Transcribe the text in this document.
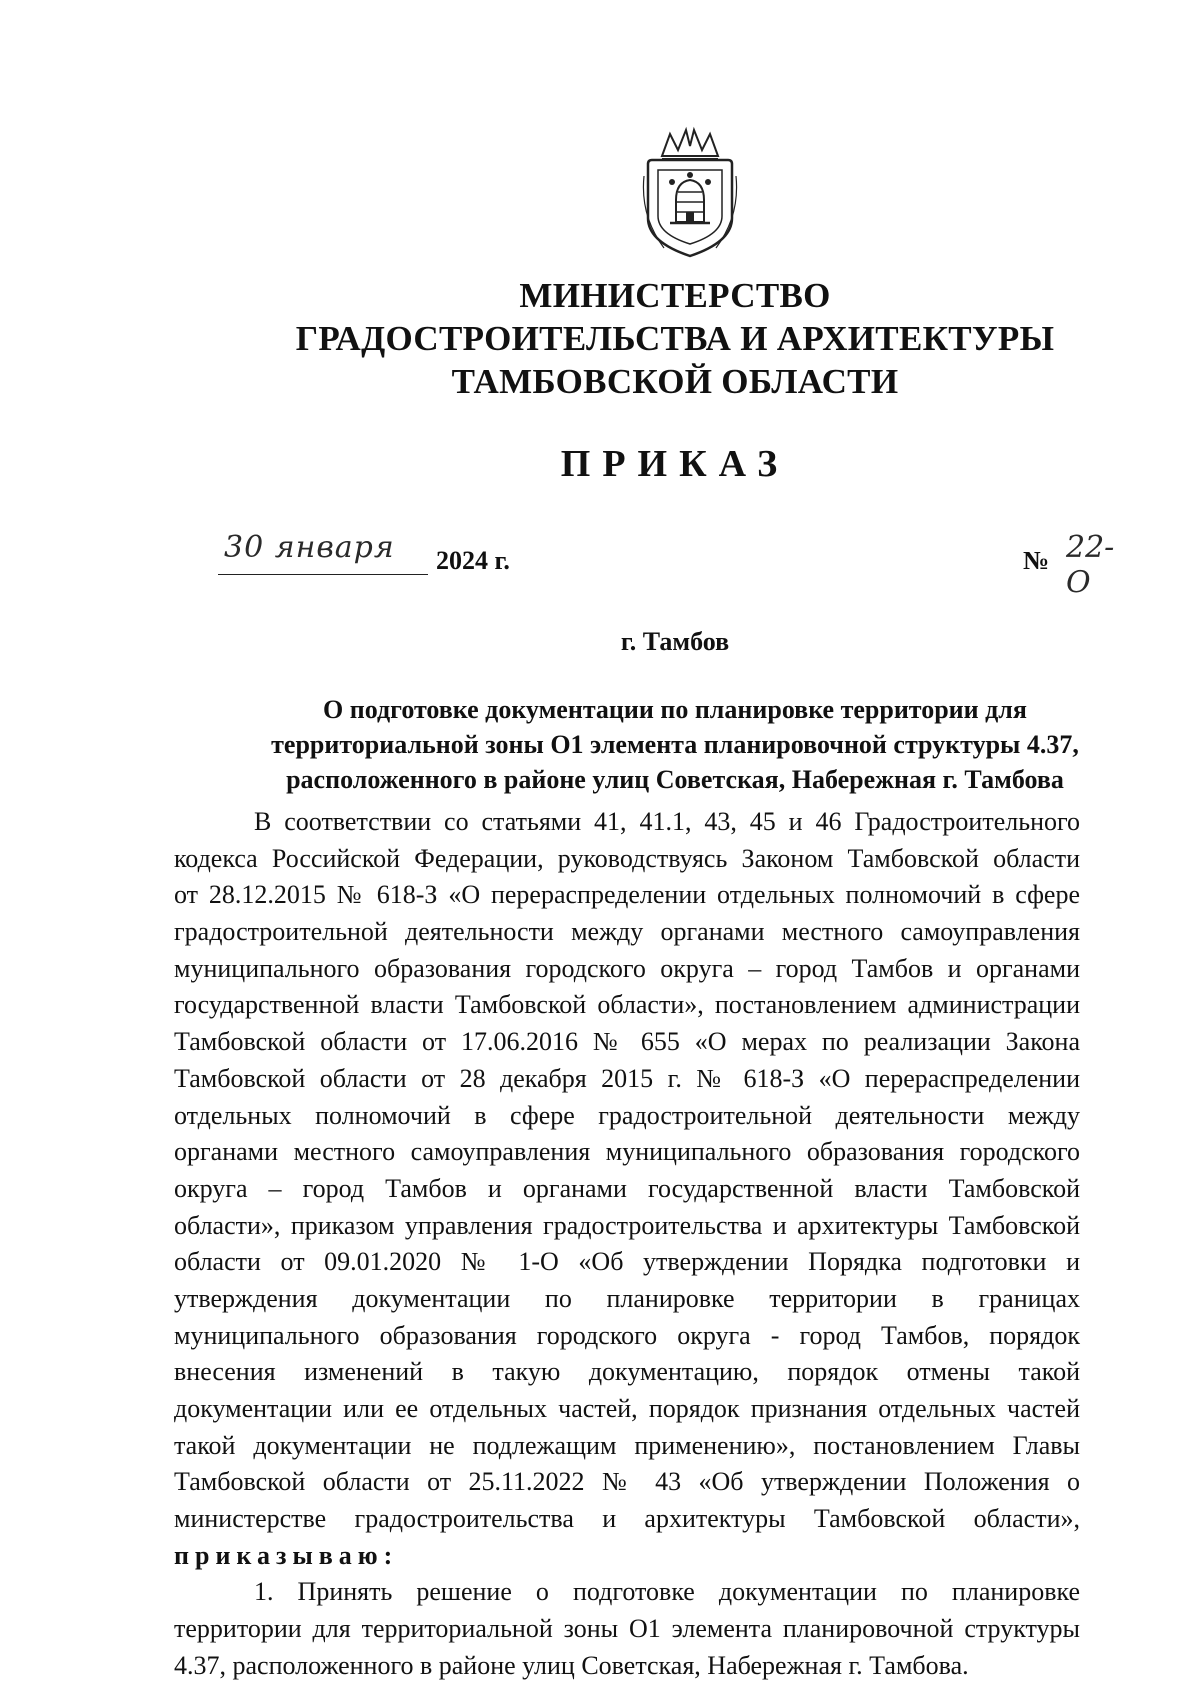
МИНИСТЕРСТВО
ГРАДОСТРОИТЕЛЬСТВА И АРХИТЕКТУРЫ
ТАМБОВСКОЙ ОБЛАСТИ
ПРИКАЗ
30 января 2024 г.	№ 22-О
г. Тамбов
О подготовке документации по планировке территории для
территориальной зоны О1 элемента планировочной структуры 4.37,
расположенного в районе улиц Советская, Набережная г. Тамбова
В соответствии со статьями 41, 41.1, 43, 45 и 46 Градостроительного
кодекса Российской Федерации, руководствуясь Законом Тамбовской области
от 28.12.2015 № 618-З «О перераспределении отдельных полномочий в сфере
градостроительной деятельности между органами местного самоуправления
муниципального образования городского округа – город Тамбов и органами
государственной власти Тамбовской области», постановлением администрации
Тамбовской области от 17.06.2016 № 655 «О мерах по реализации Закона
Тамбовской области от 28 декабря 2015 г. № 618-З «О перераспределении
отдельных полномочий в сфере градостроительной деятельности между
органами местного самоуправления муниципального образования городского
округа – город Тамбов и органами государственной власти Тамбовской
области», приказом управления градостроительства и архитектуры Тамбовской
области от 09.01.2020 № 1-О «Об утверждении Порядка подготовки и
утверждения документации по планировке территории в границах
муниципального образования городского округа - город Тамбов, порядок
внесения изменений в такую документацию, порядок отмены такой
документации или ее отдельных частей, порядок признания отдельных частей
такой документации не подлежащим применению», постановлением Главы
Тамбовской области от 25.11.2022 № 43 «Об утверждении Положения о
министерстве градостроительства и архитектуры Тамбовской области»,
приказываю:
1. Принять решение о подготовке документации по планировке
территории для территориальной зоны О1 элемента планировочной структуры
4.37, расположенного в районе улиц Советская, Набережная г. Тамбова.
